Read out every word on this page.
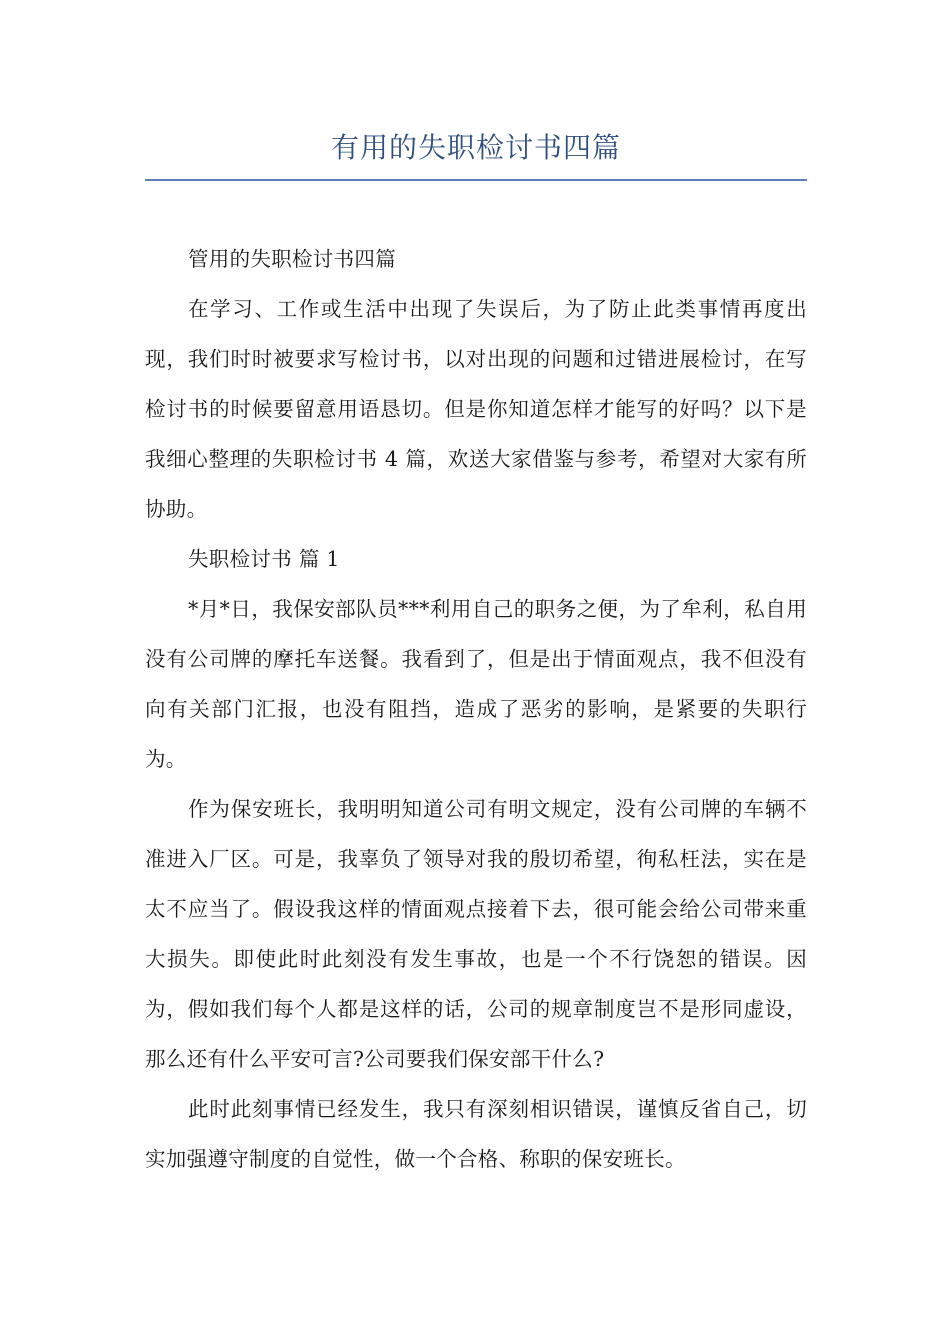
有用的失职检讨书四篇

管用的失职检讨书四篇

在学习、工作或生活中出现了失误后，为了防止此类事情再度出现，我们时时被要求写检讨书，以对出现的问题和过错进展检讨，在写检讨书的时候要留意用语恳切。但是你知道怎样才能写的好吗？以下是我细心整理的失职检讨书 4 篇，欢送大家借鉴与参考，希望对大家有所协助。

失职检讨书 篇 1

*月*日，我保安部队员***利用自己的职务之便，为了牟利，私自用没有公司牌的摩托车送餐。我看到了，但是出于情面观点，我不但没有向有关部门汇报，也没有阻挡，造成了恶劣的影响，是紧要的失职行为。

作为保安班长，我明明知道公司有明文规定，没有公司牌的车辆不准进入厂区。可是，我辜负了领导对我的殷切希望，徇私枉法，实在是太不应当了。假设我这样的情面观点接着下去，很可能会给公司带来重大损失。即使此时此刻没有发生事故，也是一个不行饶恕的错误。因为，假如我们每个人都是这样的话，公司的规章制度岂不是形同虚设，那么还有什么平安可言?公司要我们保安部干什么?

此时此刻事情已经发生，我只有深刻相识错误，谨慎反省自己，切实加强遵守制度的自觉性，做一个合格、称职的保安班长。
